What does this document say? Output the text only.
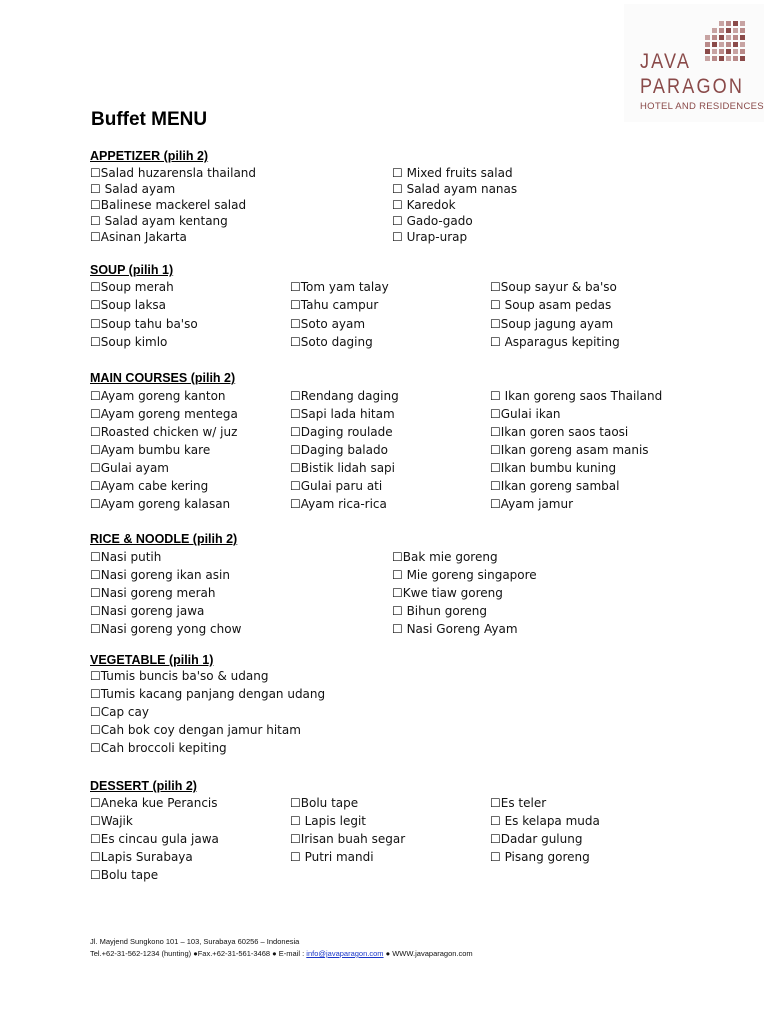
JAVA
PARAGON
HOTEL AND RESIDENCES
Buffet MENU
APPETIZER (pilih 2)
☐Salad huzarensla thailand
☐ Salad ayam
☐Balinese mackerel salad
☐ Salad ayam kentang
☐Asinan Jakarta
☐ Mixed fruits salad
☐ Salad ayam nanas
☐ Karedok
☐ Gado-gado
☐ Urap-urap
SOUP (pilih 1)
☐Soup merah
☐Soup laksa
☐Soup tahu ba'so
☐Soup kimlo
☐Tom yam talay
☐Tahu campur
☐Soto ayam
☐Soto daging
☐Soup sayur & ba'so
☐ Soup asam pedas
☐Soup jagung ayam
☐ Asparagus kepiting
MAIN COURSES (pilih 2)
☐Ayam goreng kanton
☐Ayam goreng mentega
☐Roasted chicken w/ juz
☐Ayam bumbu kare
☐Gulai ayam
☐Ayam cabe kering
☐Ayam goreng kalasan
☐Rendang daging
☐Sapi lada hitam
☐Daging roulade
☐Daging balado
☐Bistik lidah sapi
☐Gulai paru ati
☐Ayam rica-rica
☐ Ikan goreng saos Thailand
☐Gulai ikan
☐Ikan goren saos taosi
☐Ikan goreng asam manis
☐Ikan bumbu kuning
☐Ikan goreng sambal
☐Ayam jamur
RICE & NOODLE (pilih 2)
☐Nasi putih
☐Nasi goreng ikan asin
☐Nasi goreng merah
☐Nasi goreng jawa
☐Nasi goreng yong chow
☐Bak mie goreng
☐ Mie goreng singapore
☐Kwe tiaw goreng
☐ Bihun goreng
☐ Nasi Goreng Ayam
VEGETABLE (pilih 1)
☐Tumis buncis ba'so & udang
☐Tumis kacang panjang dengan udang
☐Cap cay
☐Cah bok coy dengan jamur hitam
☐Cah broccoli kepiting
DESSERT (pilih 2)
☐Aneka kue Perancis
☐Wajik
☐Es cincau gula jawa
☐Lapis Surabaya
☐Bolu tape
☐Bolu tape
☐ Lapis legit
☐Irisan buah segar
☐ Putri mandi
☐Es teler
☐ Es kelapa muda
☐Dadar gulung
☐ Pisang goreng
Jl. Mayjend Sungkono 101 – 103, Surabaya 60256 – Indonesia
Tel.+62-31-562-1234 (hunting) ●Fax.+62-31-561-3468 ● E-mail : info@javaparagon.com ● WWW.javaparagon.com
